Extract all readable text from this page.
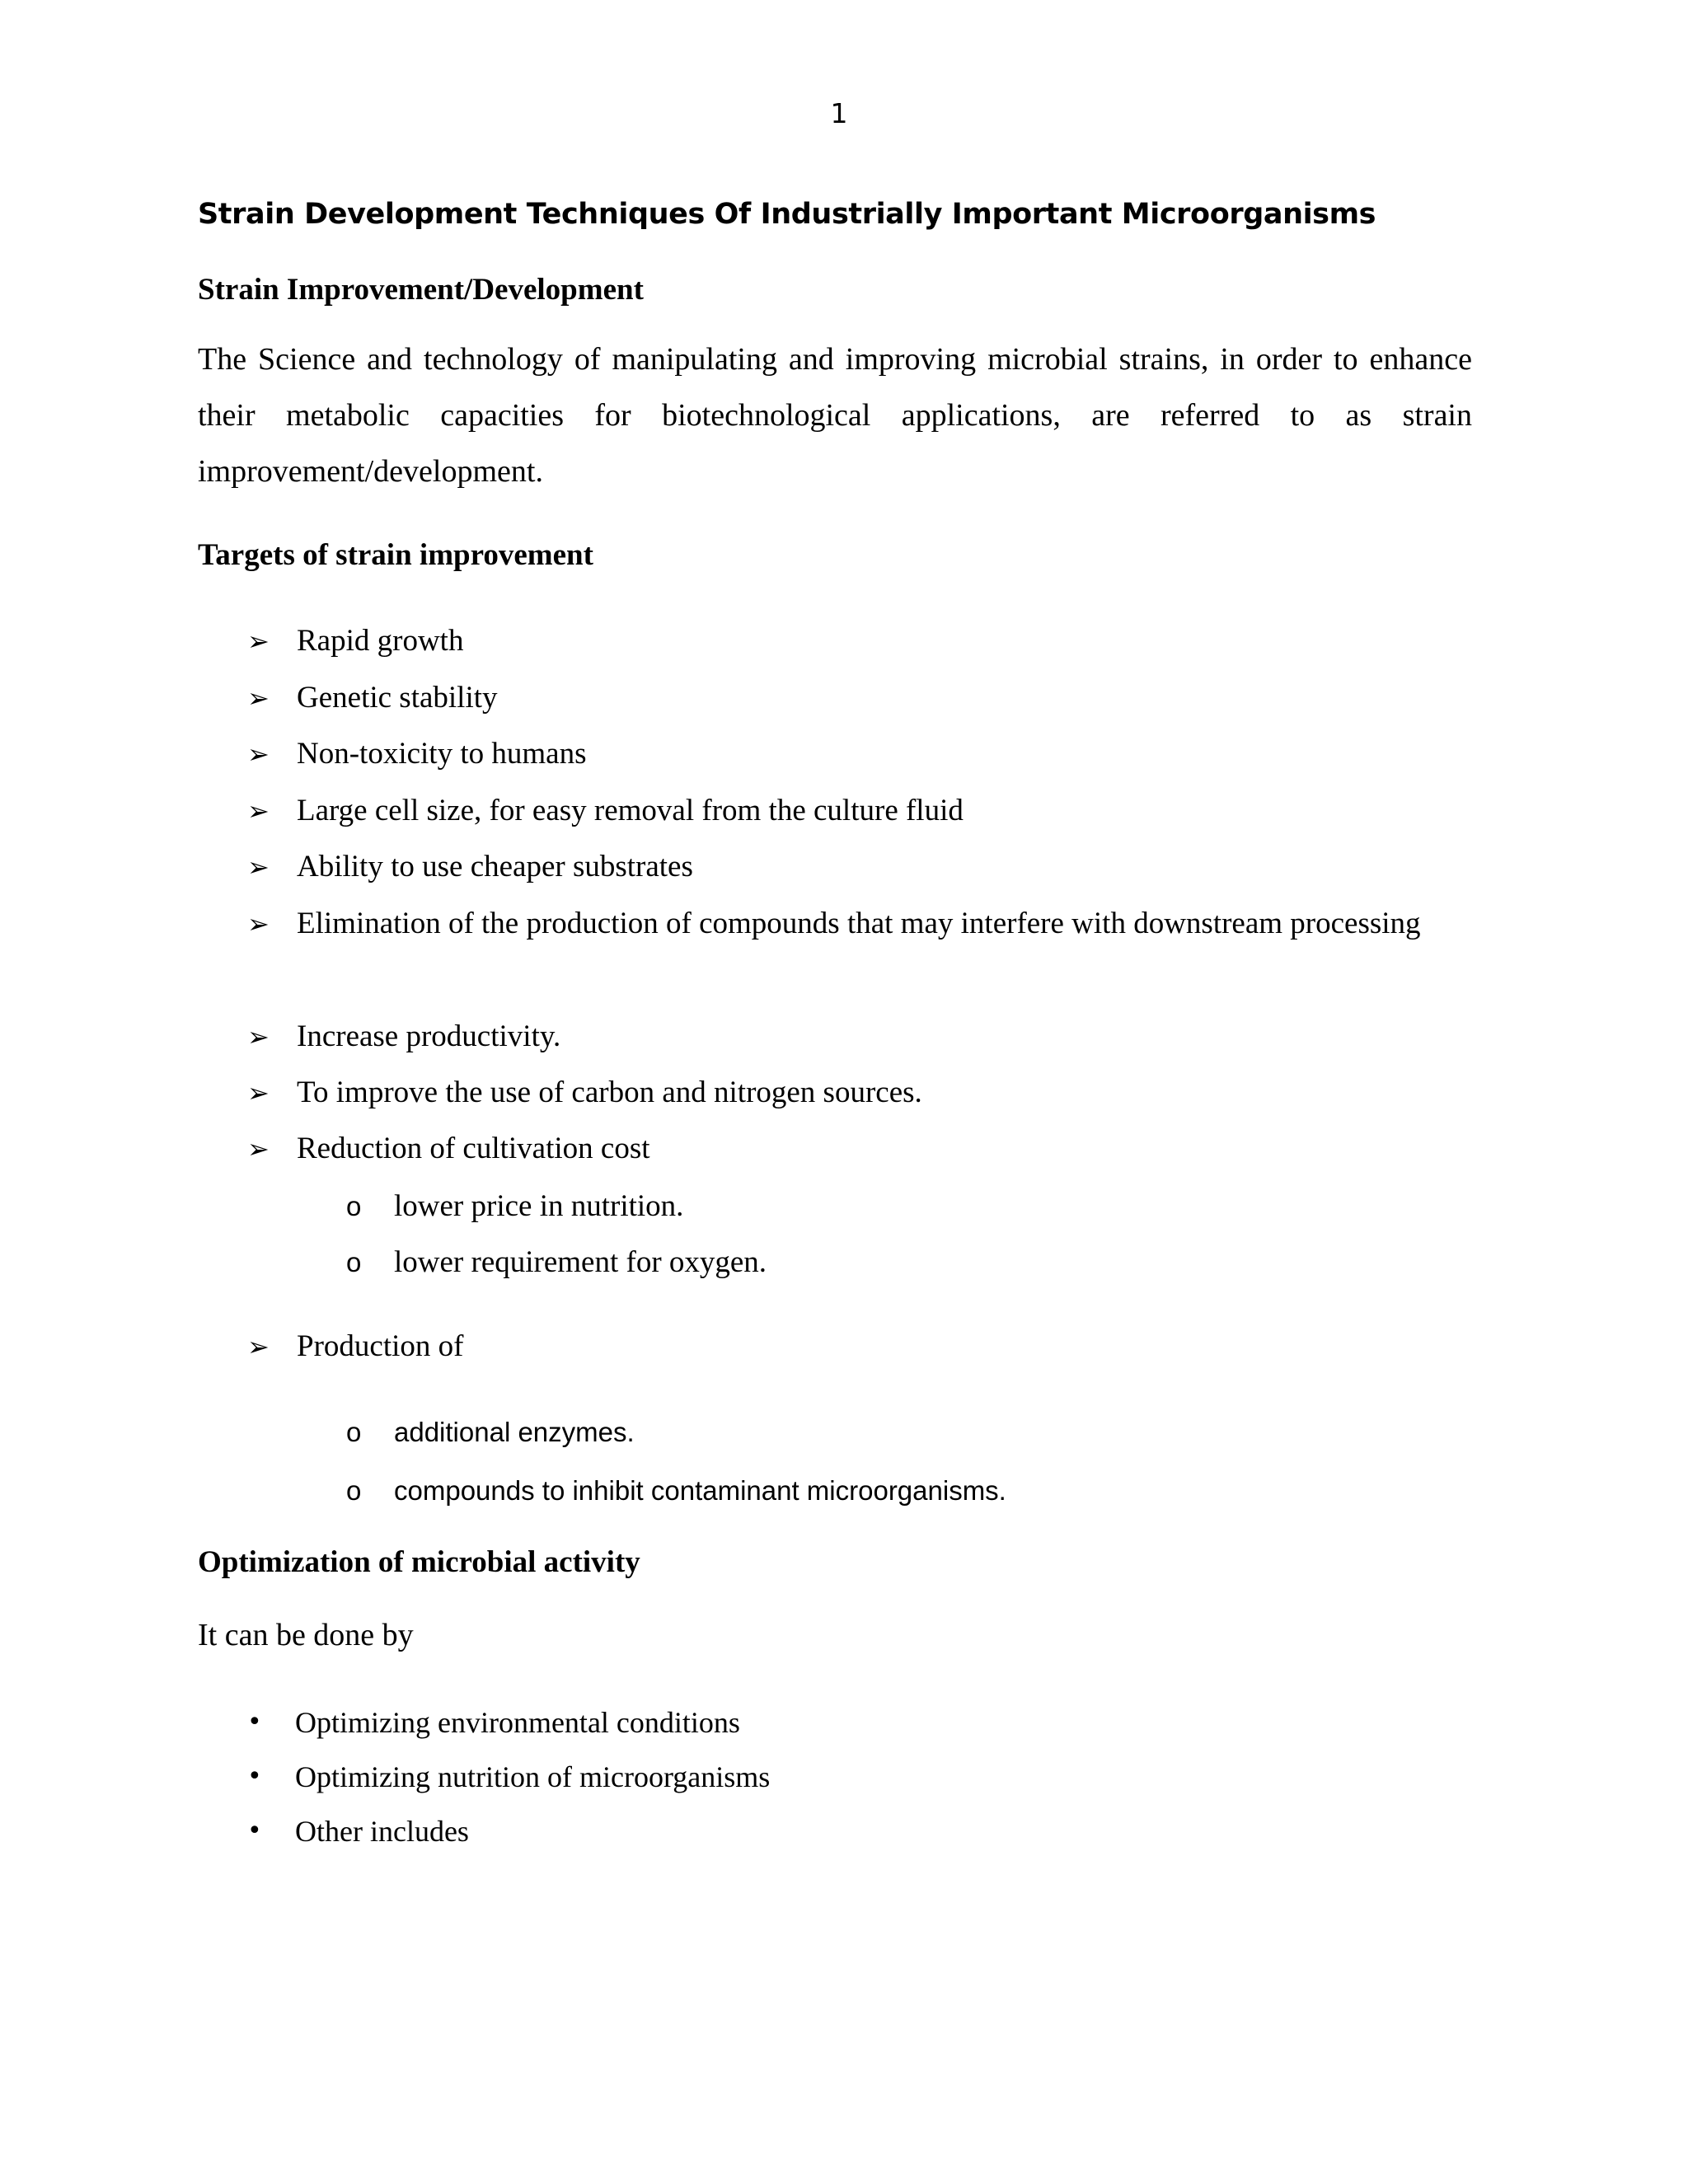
1
Strain Development Techniques Of Industrially Important Microorganisms
Strain Improvement/Development
The Science and technology of manipulating and improving microbial strains, in order to enhance their metabolic capacities for biotechnological applications, are referred to as strain improvement/development.
Targets of strain improvement
➢ Rapid growth
➢ Genetic stability
➢ Non-toxicity to humans
➢ Large cell size, for easy removal from the culture fluid
➢ Ability to use cheaper substrates
➢ Elimination of the production of compounds that may interfere with downstream processing
➢ Increase productivity.
➢ To improve the use of carbon and nitrogen sources.
➢ Reduction of cultivation cost
o	lower price in nutrition.
o	lower requirement for oxygen.
➢ Production of
o	additional enzymes.
o	compounds to inhibit contaminant microorganisms.
Optimization of microbial activity
It can be done by
•	Optimizing environmental conditions
•	Optimizing nutrition of microorganisms
•	Other includes
